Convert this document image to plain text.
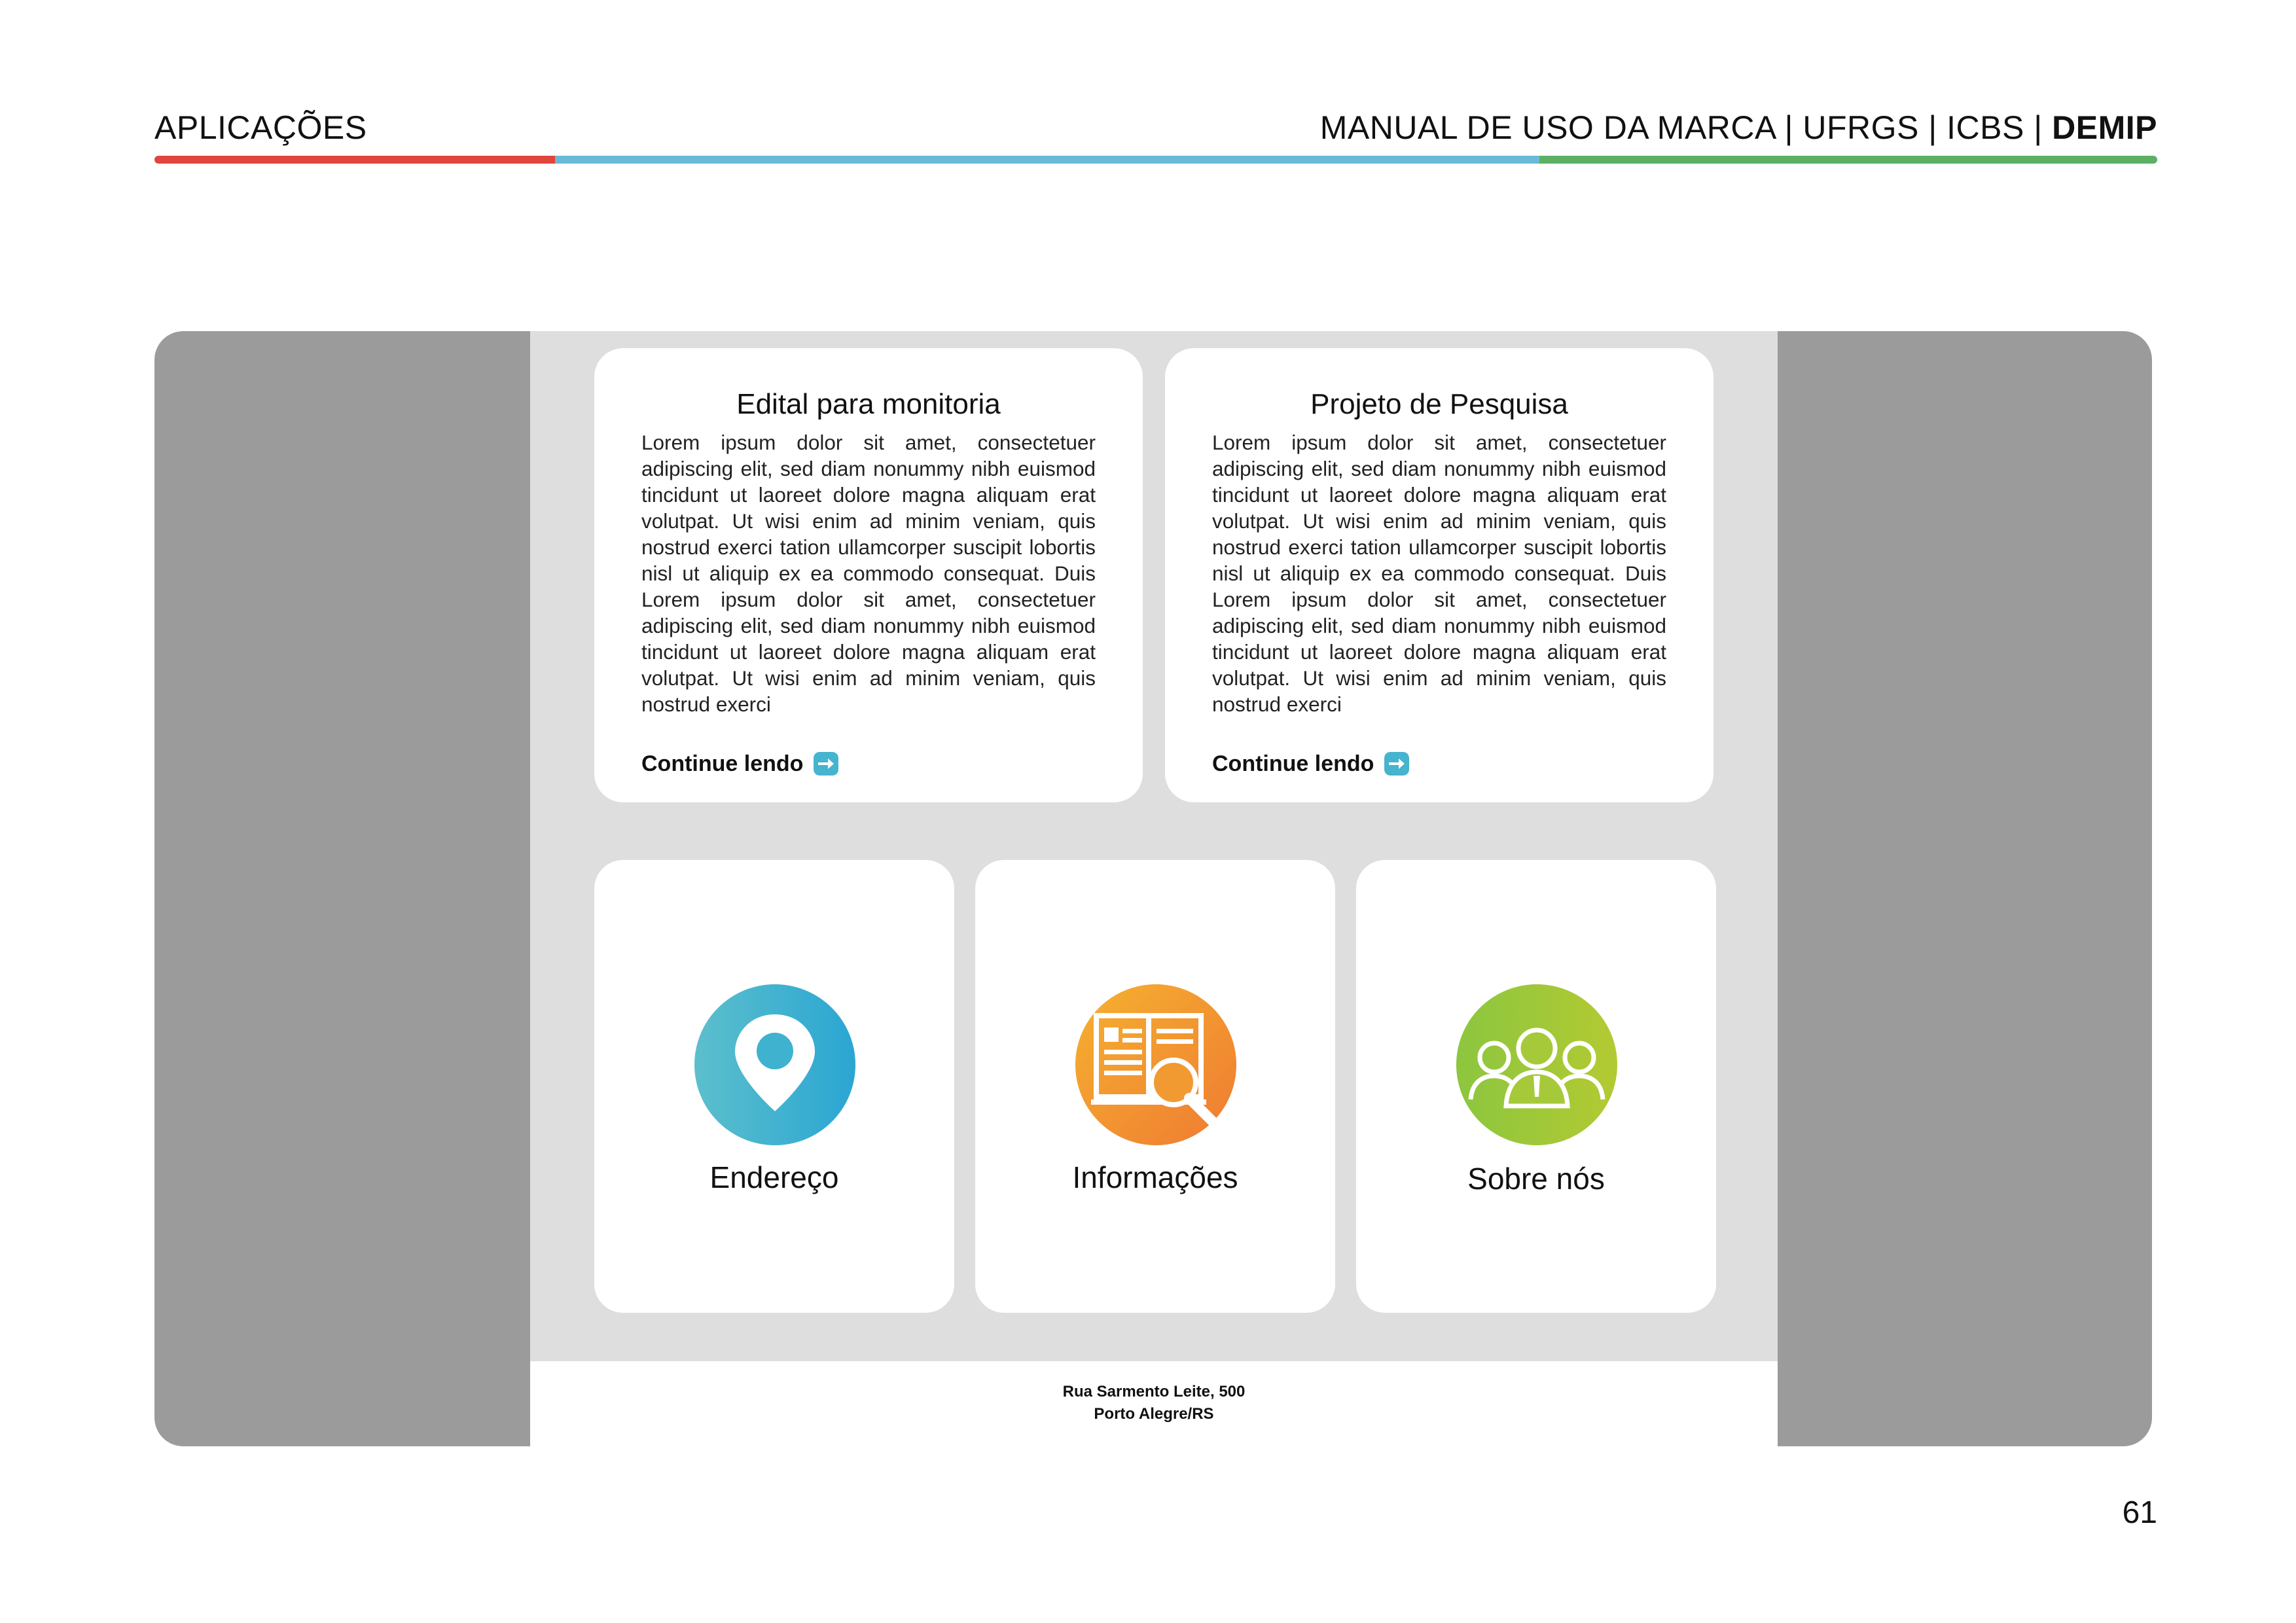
APLICAÇÕES	MANUAL DE USO DA MARCA | UFRGS | ICBS | DEMIP
Edital para monitoria
Lorem ipsum dolor sit amet, consectetuer adipiscing elit, sed diam nonummy nibh euismod tincidunt ut laoreet dolore magna aliquam erat volutpat. Ut wisi enim ad minim veniam, quis nostrud exerci tation ullamcorper suscipit lobortis nisl ut aliquip ex ea commodo consequat. Duis Lorem ipsum dolor sit amet, consectetuer adipiscing elit, sed diam nonummy nibh euismod tincidunt ut laoreet dolore magna aliquam erat volutpat. Ut wisi enim ad minim veniam, quis nostrud exerci
Continue lendo
Projeto de Pesquisa
Lorem ipsum dolor sit amet, consectetuer adipiscing elit, sed diam nonummy nibh euismod tincidunt ut laoreet dolore magna aliquam erat volutpat. Ut wisi enim ad minim veniam, quis nostrud exerci tation ullamcorper suscipit lobortis nisl ut aliquip ex ea commodo consequat. Duis Lorem ipsum dolor sit amet, consectetuer adipiscing elit, sed diam nonummy nibh euismod tincidunt ut laoreet dolore magna aliquam erat volutpat. Ut wisi enim ad minim veniam, quis nostrud exerci
Continue lendo
Endereço	Informações	Sobre nós
Rua Sarmento Leite, 500
Porto Alegre/RS
61
